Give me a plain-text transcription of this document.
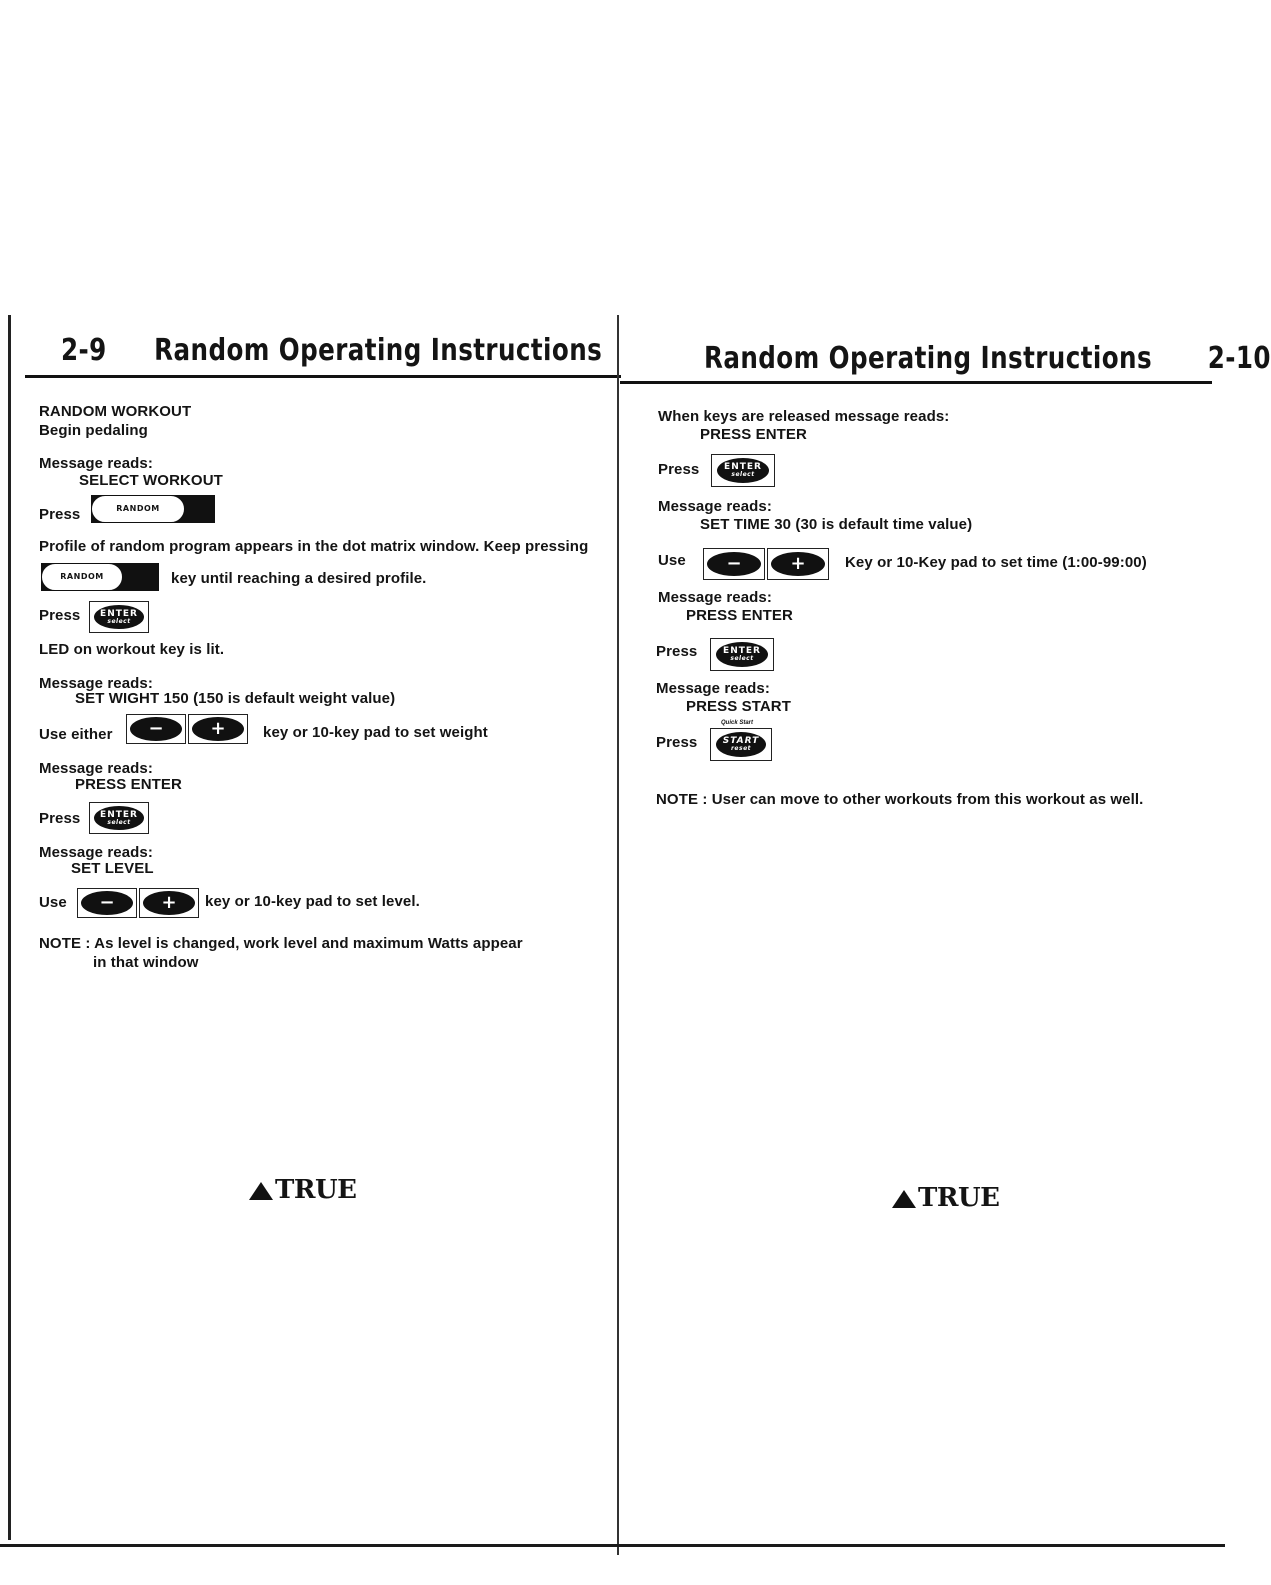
2-9 Random Operating Instructions
RANDOM WORKOUT
Begin pedaling
Message reads:
SELECT WORKOUT
Press	RANDOM
Profile of random program appears in the dot matrix window. Keep pressing
RANDOM	key until reaching a desired profile.
Press	ENTER
select
LED on workout key is lit.
Message reads:
SET WIGHT 150 (150 is default weight value)
Use either	−	+	key or 10-key pad to set weight
Message reads:
PRESS ENTER
Press	ENTER
select
Message reads:
SET LEVEL
Use	−	+	key or 10-key pad to set level.
NOTE : As level is changed, work level and maximum Watts appear
in that window
TRUE
Random Operating Instructions 2-10
When keys are released message reads:
PRESS ENTER
Press	ENTER
select
Message reads:
SET TIME 30 (30 is default time value)
Use	−	+	Key or 10-Key pad to set time (1:00-99:00)
Message reads:
PRESS ENTER
Press	ENTER
select
Message reads:
PRESS START
Quick Start
Press	START
reset
NOTE : User can move to other workouts from this workout as well.
TRUE
